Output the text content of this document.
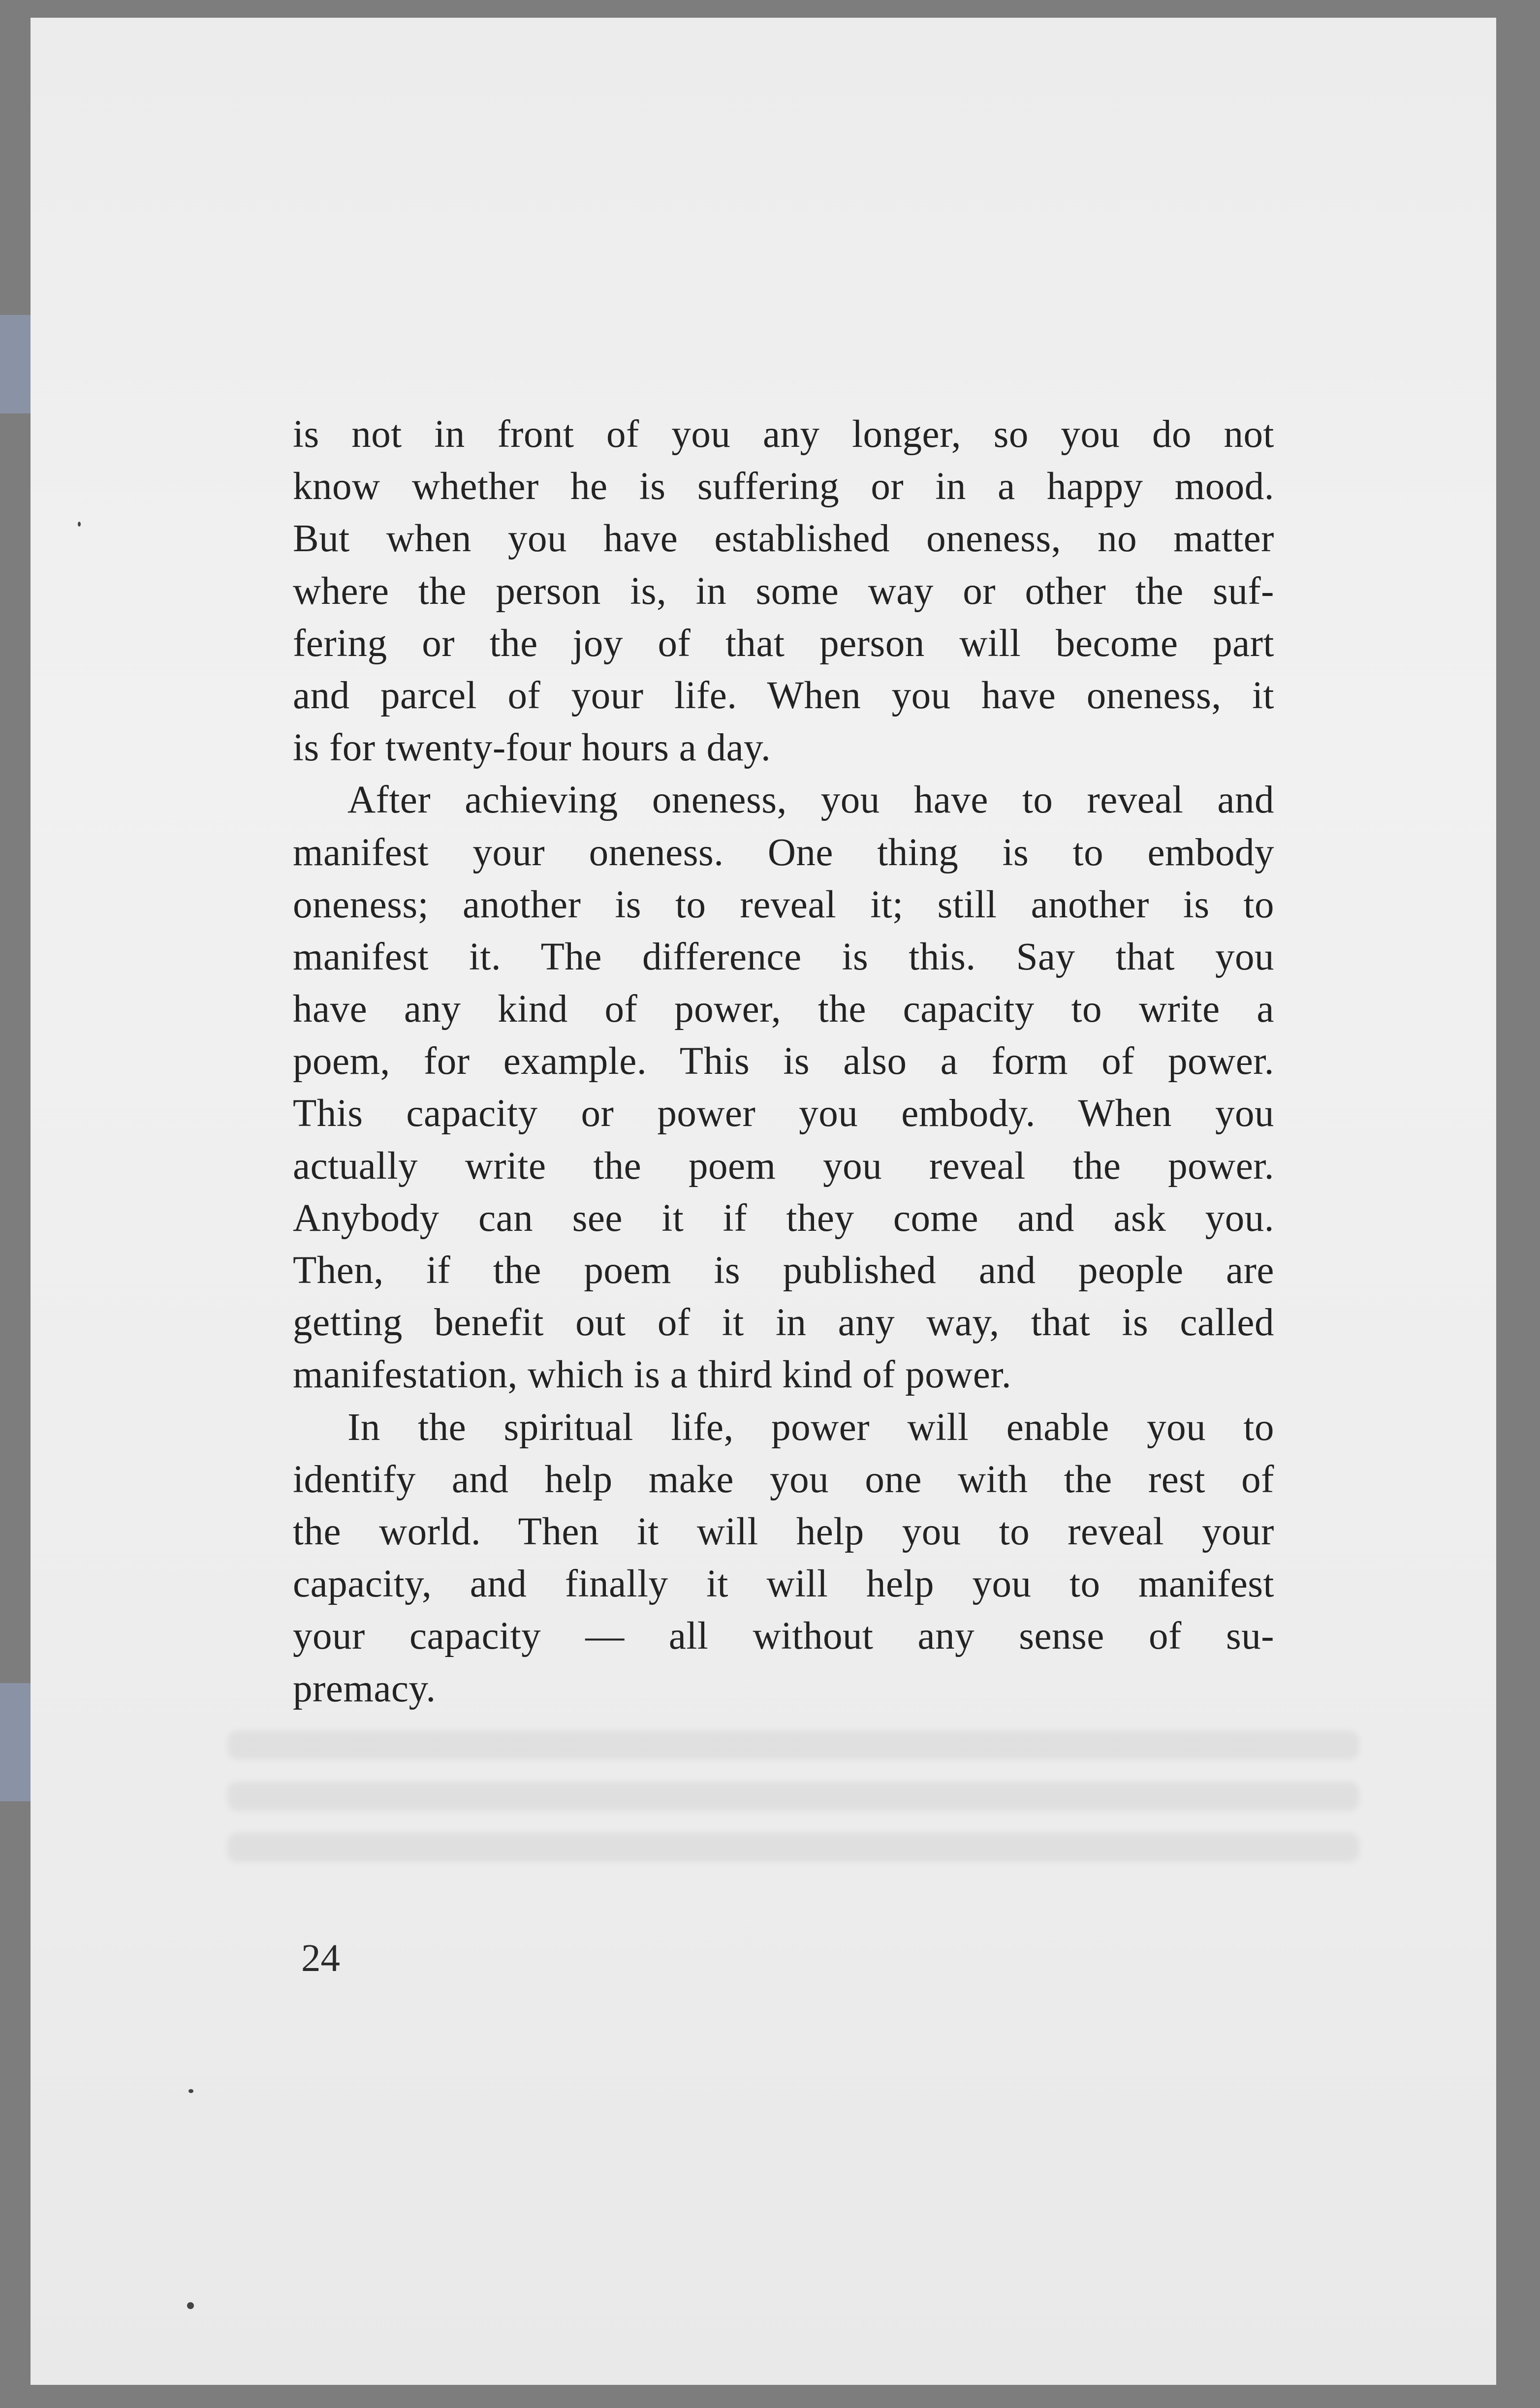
is not in front of you any longer, so you do not
know whether he is suffering or in a happy mood.
But when you have established oneness, no matter
where the person is, in some way or other the suf-
fering or the joy of that person will become part
and parcel of your life. When you have oneness, it
is for twenty-four hours a day.
After achieving oneness, you have to reveal and
manifest your oneness. One thing is to embody
oneness; another is to reveal it; still another is to
manifest it. The difference is this. Say that you
have any kind of power, the capacity to write a
poem, for example. This is also a form of power.
This capacity or power you embody. When you
actually write the poem you reveal the power.
Anybody can see it if they come and ask you.
Then, if the poem is published and people are
getting benefit out of it in any way, that is called
manifestation, which is a third kind of power.
In the spiritual life, power will enable you to
identify and help make you one with the rest of
the world. Then it will help you to reveal your
capacity, and finally it will help you to manifest
your capacity — all without any sense of su-
premacy.
24
